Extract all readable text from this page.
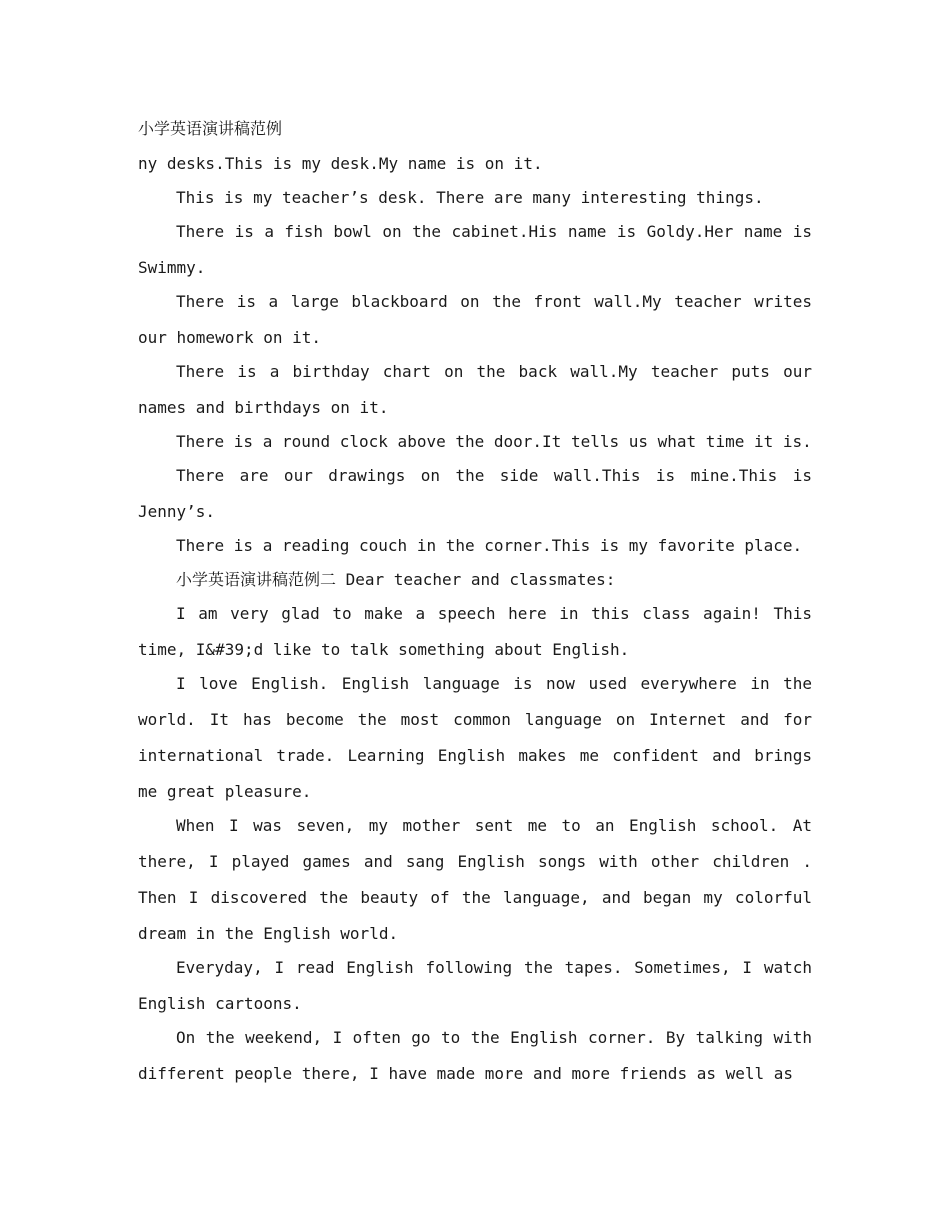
小学英语演讲稿范例

ny desks.This is my desk.My name is on it.

This is my teacher’s desk. There are many interesting things.

There is a fish bowl on the cabinet.His name is Goldy.Her name is Swimmy.

There is a large blackboard on the front wall.My teacher writes our homework on it.

There is a birthday chart on the back wall.My teacher puts our names and birthdays on it.

There is a round clock above the door.It tells us what time it is.

There are our drawings on the side wall.This is mine.This is Jenny’s.

There is a reading couch in the corner.This is my favorite place.

小学英语演讲稿范例二 Dear teacher and classmates:

I am very glad to make a speech here in this class again! This time, I&#39;d like to talk something about English.

I love English. English language is now used everywhere in the world. It has become the most common language on Internet and for international trade. Learning English makes me confident and brings me great pleasure.

When I was seven, my mother sent me to an English school. At there, I played games and sang English songs with other children . Then I discovered the beauty of the language, and began my colorful dream in the English world.

Everyday, I read English following the tapes. Sometimes, I watch English cartoons.

On the weekend, I often go to the English corner. By talking with different people there, I have made more and more friends as well as
